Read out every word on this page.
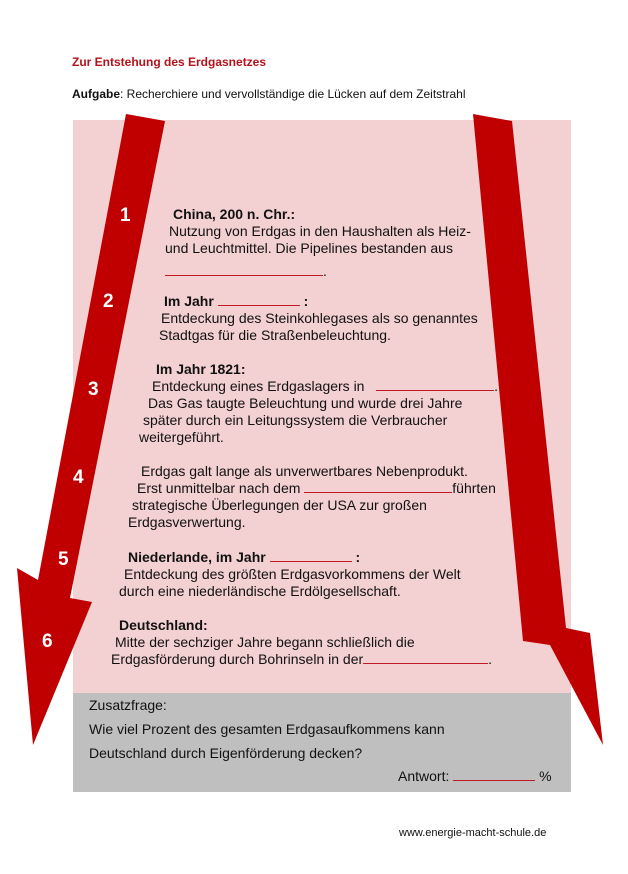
Zur Entstehung des Erdgasnetzes
Aufgabe: Recherchiere und vervollständige die Lücken auf dem Zeitstrahl
1
2
3
4
5
6
China, 200 n. Chr.:
Nutzung von Erdgas in den Haushalten als Heiz-
und Leuchtmittel. Die Pipelines bestanden aus
.
Im Jahr	:
Entdeckung des Steinkohlegases als so genanntes
Stadtgas für die Straßenbeleuchtung.
Im Jahr 1821:
Entdeckung eines Erdgaslagers in	.
Das Gas taugte Beleuchtung und wurde drei Jahre
später durch ein Leitungssystem die Verbraucher
weitergeführt.
Erdgas galt lange als unverwertbares Nebenprodukt.
Erst unmittelbar nach dem	führten
strategische Überlegungen der USA zur großen
Erdgasverwertung.
Niederlande, im Jahr	:
Entdeckung des größten Erdgasvorkommens der Welt
durch eine niederländische Erdölgesellschaft.
Deutschland:
Mitte der sechziger Jahre begann schließlich die
Erdgasförderung durch Bohrinseln in der	.
Zusatzfrage:
Wie viel Prozent des gesamten Erdgasaufkommens kann
Deutschland durch Eigenförderung decken?
Antwort:	%
www.energie-macht-schule.de
